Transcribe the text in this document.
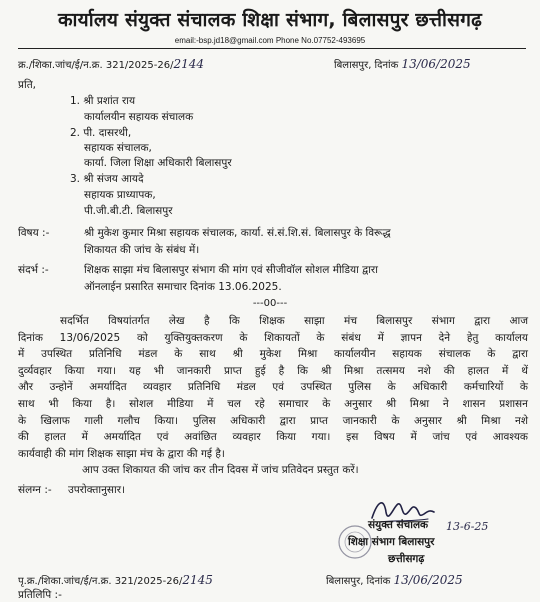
कार्यालय संयुक्त संचालक शिक्षा संभाग, बिलासपुर छत्तीसगढ़
email:-bsp.jd18@gmail.com Phone No.07752-493695
क्र./शिका.जांच/ई/न.क्र. 321/2025-26/2144	बिलासपुर, दिनांक 13/06/2025
प्रति,
1. श्री प्रशांत राय
कार्यालयीन सहायक संचालक
2. पी. दासरथी,
सहायक संचालक,
कार्या. जिला शिक्षा अधिकारी बिलासपुर
3. श्री संजय आयदे
सहायक प्राध्यापक,
पी.जी.बी.टी. बिलासपुर
विषय :-	श्री मुकेश कुमार मिश्रा सहायक संचालक, कार्या. सं.सं.शि.सं. बिलासपुर के विरूद्ध
शिकायत की जांच के संबंध में।
संदर्भ :-	शिक्षक साझा मंच बिलासपुर संभाग की मांग एवं सीजीवॉल सोशल मीडिया द्वारा
ऑनलाईन प्रसारित समाचार दिनांक 13.06.2025.
---00---
सदर्भित विषयांतर्गत लेख है कि शिक्षक साझा मंच बिलासपुर संभाग द्वारा आज
दिनांक 13/06/2025 को युक्तियुक्तकरण के शिकायतों के संबंध में ज्ञापन देने हेतु कार्यालय
में उपस्थित प्रतिनिधि मंडल के साथ श्री मुकेश मिश्रा कार्यालयीन सहायक संचालक के द्वारा
दुर्व्यवहार किया गया। यह भी जानकारी प्राप्त हुई है कि श्री मिश्रा तत्समय नशे की हालत में थें
और उन्होनें अमर्यादित व्यवहार प्रतिनिधि मंडल एवं उपस्थित पुलिस के अधिकारी कर्मचारियों के
साथ भी किया है। सोशल मीडिया में चल रहे समाचार के अनुसार श्री मिश्रा ने शासन प्रशासन
के खिलाफ गाली गलौच किया। पुलिस अधिकारी द्वारा प्राप्त जानकारी के अनुसार श्री मिश्रा नशे
की हालत में अमर्यादित एवं अवांछित व्यवहार किया गया। इस विषय में जांच एवं आवश्यक
कार्यवाही की मांग शिक्षक साझा मंच के द्वारा की गई है।
आप उक्त शिकायत की जांच कर तीन दिवस में जांच प्रतिवेदन प्रस्तुत करें।
संलग्न :- उपरोक्तानुसार।
संयुक्त संचालक 13-6-25
शिक्षा संभाग बिलासपुर
छत्तीसगढ़
पृ.क्र./शिका.जांच/ई/न.क्र. 321/2025-26/2145	बिलासपुर, दिनांक 13/06/2025
प्रतिलिपि :-
